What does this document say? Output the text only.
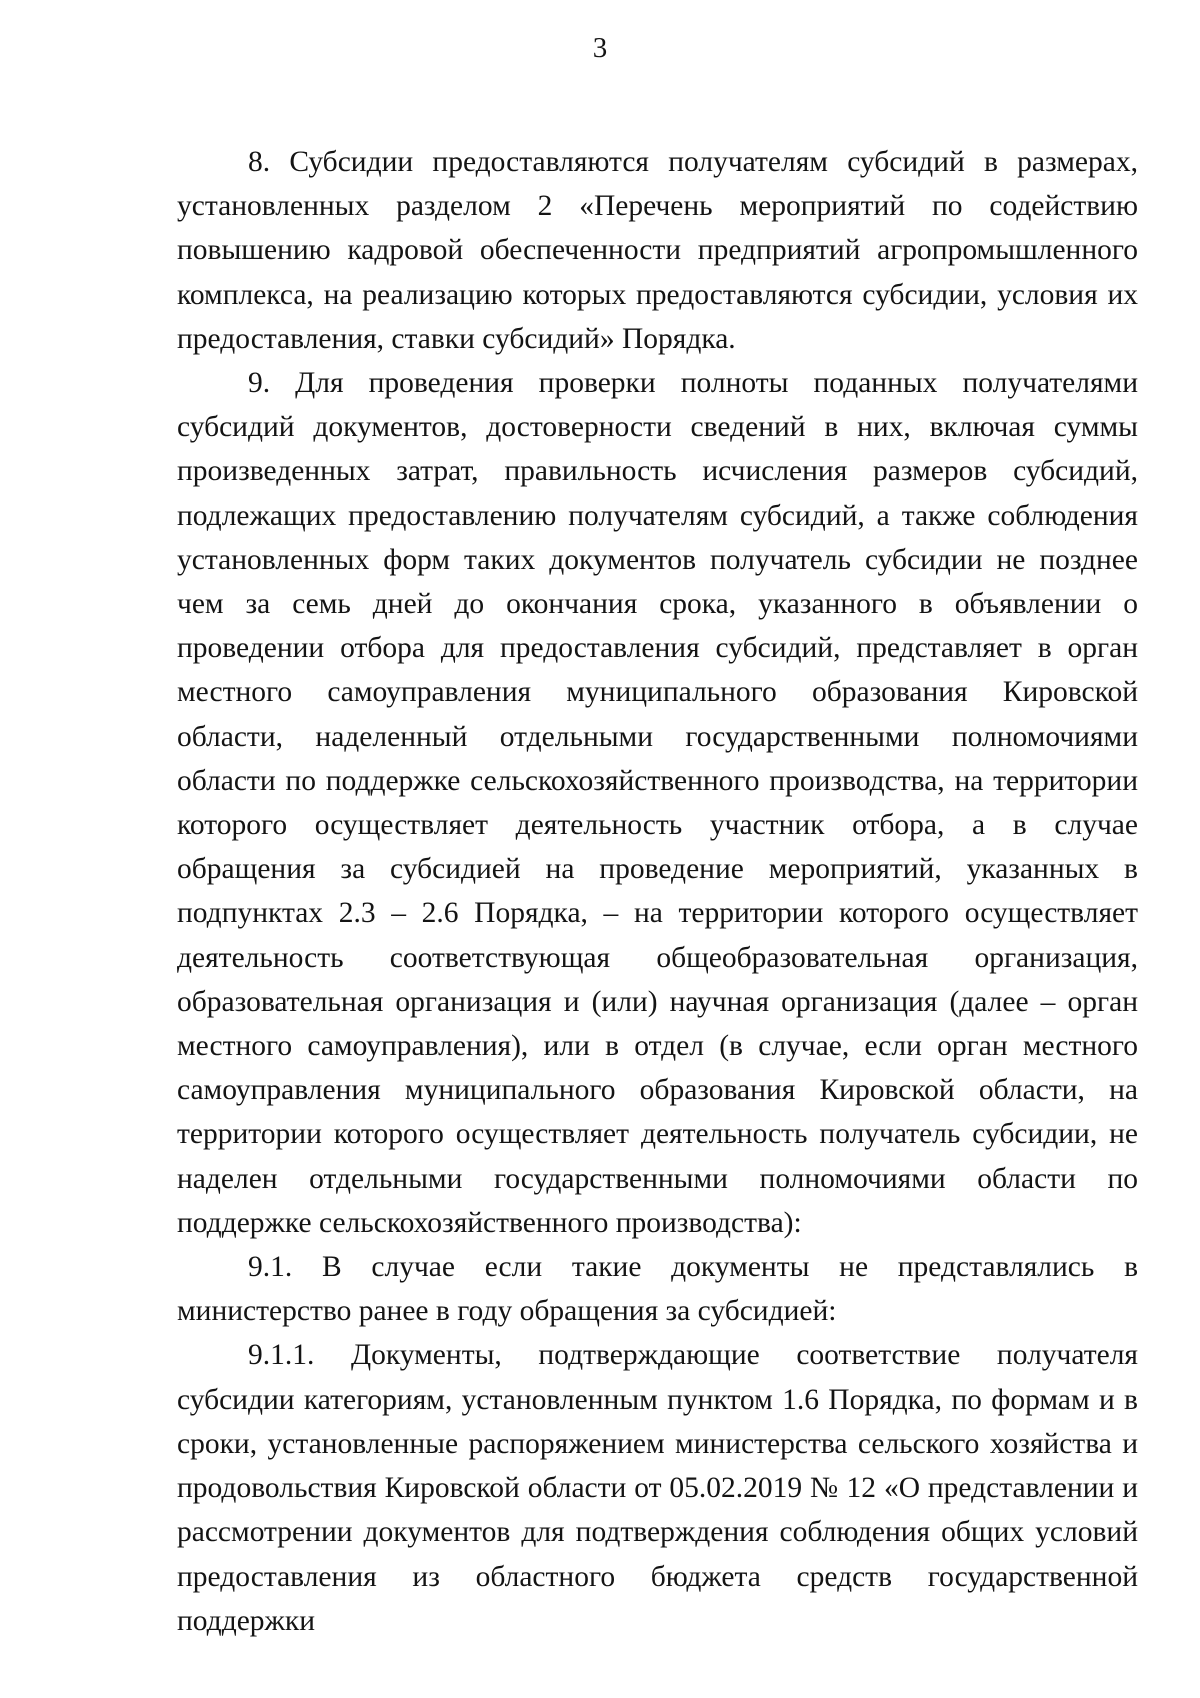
3

8. Субсидии предоставляются получателям субсидий в размерах, установленных разделом 2 «Перечень мероприятий по содействию повышению кадровой обеспеченности предприятий агропромышленного комплекса, на реализацию которых предоставляются субсидии, условия их предоставления, ставки субсидий» Порядка.

9. Для проведения проверки полноты поданных получателями субсидий документов, достоверности сведений в них, включая суммы произведенных затрат, правильность исчисления размеров субсидий, подлежащих предоставлению получателям субсидий, а также соблюдения установленных форм таких документов получатель субсидии не позднее чем за семь дней до окончания срока, указанного в объявлении о проведении отбора для предоставления субсидий, представляет в орган местного самоуправления муниципального образования Кировской области, наделенный отдельными государственными полномочиями области по поддержке сельскохозяйственного производства, на территории которого осуществляет деятельность участник отбора, а в случае обращения за субсидией на проведение мероприятий, указанных в подпунктах 2.3 – 2.6 Порядка, – на территории которого осуществляет деятельность соответствующая общеобразовательная организация, образовательная организация и (или) научная организация (далее – орган местного самоуправления), или в отдел (в случае, если орган местного самоуправления муниципального образования Кировской области, на территории которого осуществляет деятельность получатель субсидии, не наделен отдельными государственными полномочиями области по поддержке сельскохозяйственного производства):

9.1. В случае если такие документы не представлялись в министерство ранее в году обращения за субсидией:

9.1.1. Документы, подтверждающие соответствие получателя субсидии категориям, установленным пунктом 1.6 Порядка, по формам и в сроки, установленные распоряжением министерства сельского хозяйства и продовольствия Кировской области от 05.02.2019 № 12 «О представлении и рассмотрении документов для подтверждения соблюдения общих условий предоставления из областного бюджета средств государственной поддержки
